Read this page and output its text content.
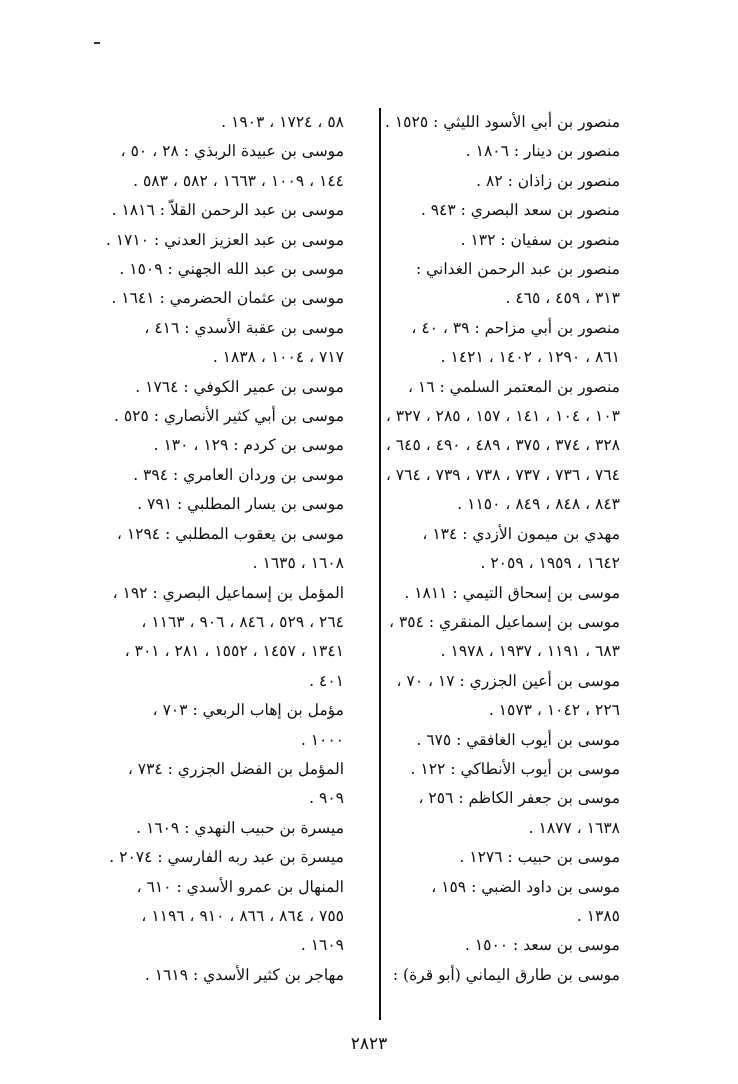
منصور بن أبي الأسود الليثي : ١٥٢٥ .
منصور بن دينار : ١٨٠٦ .
منصور بن زاذان : ٨٢ .
منصور بن سعد البصري : ٩٤٣ .
منصور بن سفيان : ١٣٢ .
منصور بن عبد الرحمن الغداني :
٣١٣ ، ٤٥٩ ، ٤٦٥ .
منصور بن أبي مزاحم : ٣٩ ، ٤٠ ،
٨٦١ ، ١٢٩٠ ، ١٤٠٢ ، ١٤٢١ .
منصور بن المعتمر السلمي : ١٦ ،
١٠٣ ، ١٠٤ ، ١٤١ ، ١٥٧ ، ٢٨٥ ، ٣٢٧ ،
٣٢٨ ، ٣٧٤ ، ٣٧٥ ، ٤٨٩ ، ٤٩٠ ، ٦٤٥ ،
٧٦٤ ، ٧٣٦ ، ٧٣٧ ، ٧٣٨ ، ٧٣٩ ، ٧٦٤ ،
٨٤٣ ، ٨٤٨ ، ٨٤٩ ، ١١٥٠ .
مهدي بن ميمون الأزدي : ١٣٤ ،
١٦٤٢ ، ١٩٥٩ ، ٢٠٥٩ .
موسى بن إسحاق التيمي : ١٨١١ .
موسى بن إسماعيل المنقري : ٣٥٤ ،
٦٨٣ ، ١١٩١ ، ١٩٣٧ ، ١٩٧٨ .
موسى بن أعين الجزري : ١٧ ، ٧٠ ،
٢٢٦ ، ١٠٤٢ ، ١٥٧٣ .
موسى بن أيوب الغافقي : ٦٧٥ .
موسى بن أيوب الأنطاكي : ١٢٢ .
موسى بن جعفر الكاظم : ٢٥٦ ،
١٦٣٨ ، ١٨٧٧ .
موسى بن حبيب : ١٢٧٦ .
موسى بن داود الضبي : ١٥٩ ،
١٣٨٥ .
موسى بن سعد : ١٥٠٠ .
موسى بن طارق اليماني (أبو قرة) :
٥٨ ، ١٧٢٤ ، ١٩٠٣ .
موسى بن عبيدة الربذي : ٢٨ ، ٥٠ ،
١٤٤ ، ١٠٠٩ ، ١٦٦٣ ، ٥٨٢ ، ٥٨٣ .
موسى بن عبد الرحمن القلاّ : ١٨١٦ .
موسى بن عبد العزيز العدني : ١٧١٠ .
موسى بن عبد الله الجهني : ١٥٠٩ .
موسى بن عثمان الحضرمي : ١٦٤١ .
موسى بن عقبة الأسدي : ٤١٦ ،
٧١٧ ، ١٠٠٤ ، ١٨٣٨ .
موسى بن عمير الكوفي : ١٧٦٤ .
موسى بن أبي كثير الأنصاري : ٥٢٥ .
موسى بن كردم : ١٢٩ ، ١٣٠ .
موسى بن وردان العامري : ٣٩٤ .
موسى بن يسار المطلبي : ٧٩١ .
موسى بن يعقوب المطلبي : ١٢٩٤ ،
١٦٠٨ ، ١٦٣٥ .
المؤمل بن إسماعيل البصري : ١٩٢ ،
٢٦٤ ، ٥٢٩ ، ٨٤٦ ، ٩٠٦ ، ١١٦٣ ،
١٣٤١ ، ١٤٥٧ ، ١٥٥٢ ، ٢٨١ ، ٣٠١ ،
٤٠١ .
مؤمل بن إهاب الربعي : ٧٠٣ ،
١٠٠٠ .
المؤمل بن الفضل الجزري : ٧٣٤ ،
٩٠٩ .
ميسرة بن حبيب النهدي : ١٦٠٩ .
ميسرة بن عبد ربه الفارسي : ٢٠٧٤ .
المنهال بن عمرو الأسدي : ٦١٠ ،
٧٥٥ ، ٨٦٤ ، ٨٦٦ ، ٩١٠ ، ١١٩٦ ،
١٦٠٩ .
مهاجر بن كثير الأسدي : ١٦١٩ .
٢٨٢٣
